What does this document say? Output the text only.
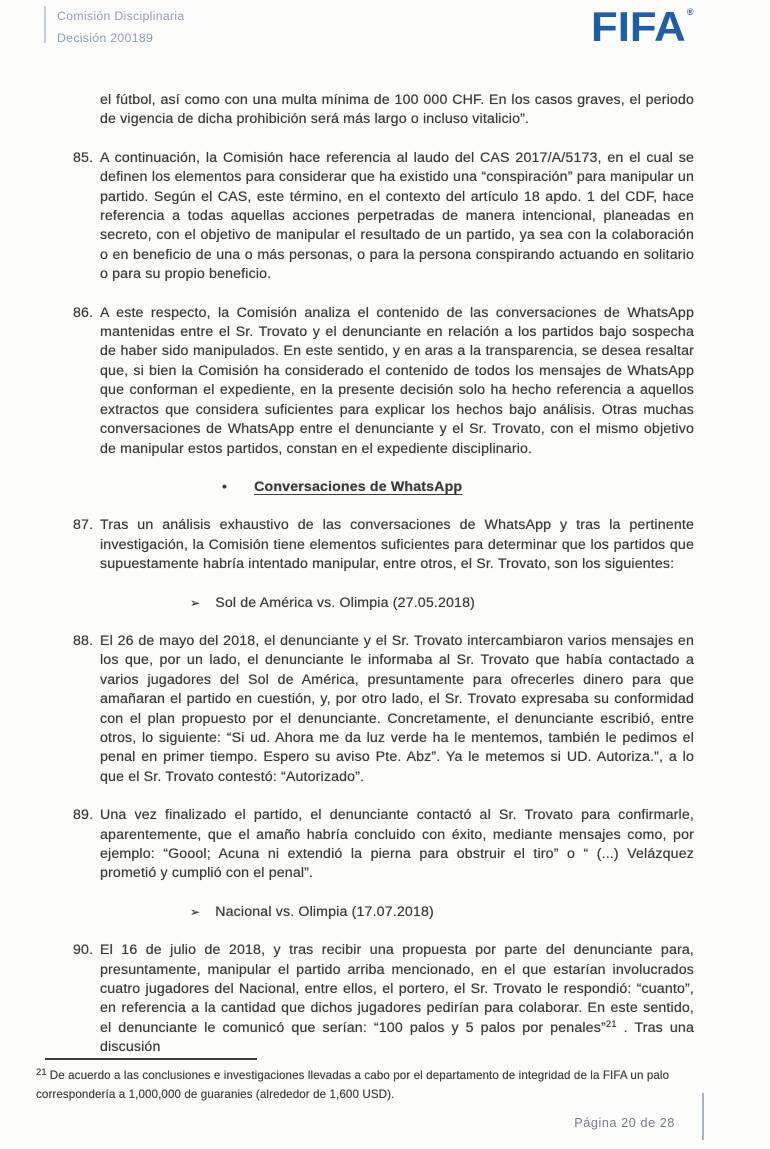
Comisión Disciplinaria
Decisión 200189	FIFA®
el fútbol, así como con una multa mínima de 100 000 CHF. En los casos graves, el periodo de vigencia de dicha prohibición será más largo o incluso vitalicio”.
85. A continuación, la Comisión hace referencia al laudo del CAS 2017/A/5173, en el cual se definen los elementos para considerar que ha existido una “conspiración” para manipular un partido. Según el CAS, este término, en el contexto del artículo 18 apdo. 1 del CDF, hace referencia a todas aquellas acciones perpetradas de manera intencional, planeadas en secreto, con el objetivo de manipular el resultado de un partido, ya sea con la colaboración o en beneficio de una o más personas, o para la persona conspirando actuando en solitario o para su propio beneficio.
86. A este respecto, la Comisión analiza el contenido de las conversaciones de WhatsApp mantenidas entre el Sr. Trovato y el denunciante en relación a los partidos bajo sospecha de haber sido manipulados. En este sentido, y en aras a la transparencia, se desea resaltar que, si bien la Comisión ha considerado el contenido de todos los mensajes de WhatsApp que conforman el expediente, en la presente decisión solo ha hecho referencia a aquellos extractos que considera suficientes para explicar los hechos bajo análisis. Otras muchas conversaciones de WhatsApp entre el denunciante y el Sr. Trovato, con el mismo objetivo de manipular estos partidos, constan en el expediente disciplinario.
• Conversaciones de WhatsApp
87. Tras un análisis exhaustivo de las conversaciones de WhatsApp y tras la pertinente investigación, la Comisión tiene elementos suficientes para determinar que los partidos que supuestamente habría intentado manipular, entre otros, el Sr. Trovato, son los siguientes:
➢ Sol de América vs. Olimpia (27.05.2018)
88. El 26 de mayo del 2018, el denunciante y el Sr. Trovato intercambiaron varios mensajes en los que, por un lado, el denunciante le informaba al Sr. Trovato que había contactado a varios jugadores del Sol de América, presuntamente para ofrecerles dinero para que amañaran el partido en cuestión, y, por otro lado, el Sr. Trovato expresaba su conformidad con el plan propuesto por el denunciante. Concretamente, el denunciante escribió, entre otros, lo siguiente: “Si ud. Ahora me da luz verde ha le mentemos, también le pedimos el penal en primer tiempo. Espero su aviso Pte. Abz”. Ya le metemos si UD. Autoriza.”, a lo que el Sr. Trovato contestó: “Autorizado”.
89. Una vez finalizado el partido, el denunciante contactó al Sr. Trovato para confirmarle, aparentemente, que el amaño habría concluido con éxito, mediante mensajes como, por ejemplo: “Goool; Acuna ni extendió la pierna para obstruir el tiro” o “ (...) Velázquez prometió y cumplió con el penal”.
➢ Nacional vs. Olimpia (17.07.2018)
90. El 16 de julio de 2018, y tras recibir una propuesta por parte del denunciante para, presuntamente, manipular el partido arriba mencionado, en el que estarían involucrados cuatro jugadores del Nacional, entre ellos, el portero, el Sr. Trovato le respondió: “cuanto”, en referencia a la cantidad que dichos jugadores pedirían para colaborar. En este sentido, el denunciante le comunicó que serían: “100 palos y 5 palos por penales”$^{21}$ . Tras una discusión
$^{21}$ De acuerdo a las conclusiones e investigaciones llevadas a cabo por el departamento de integridad de la FIFA un palo correspondería a 1,000,000 de guaranies (alrededor de 1,600 USD).
Página 20 de 28
